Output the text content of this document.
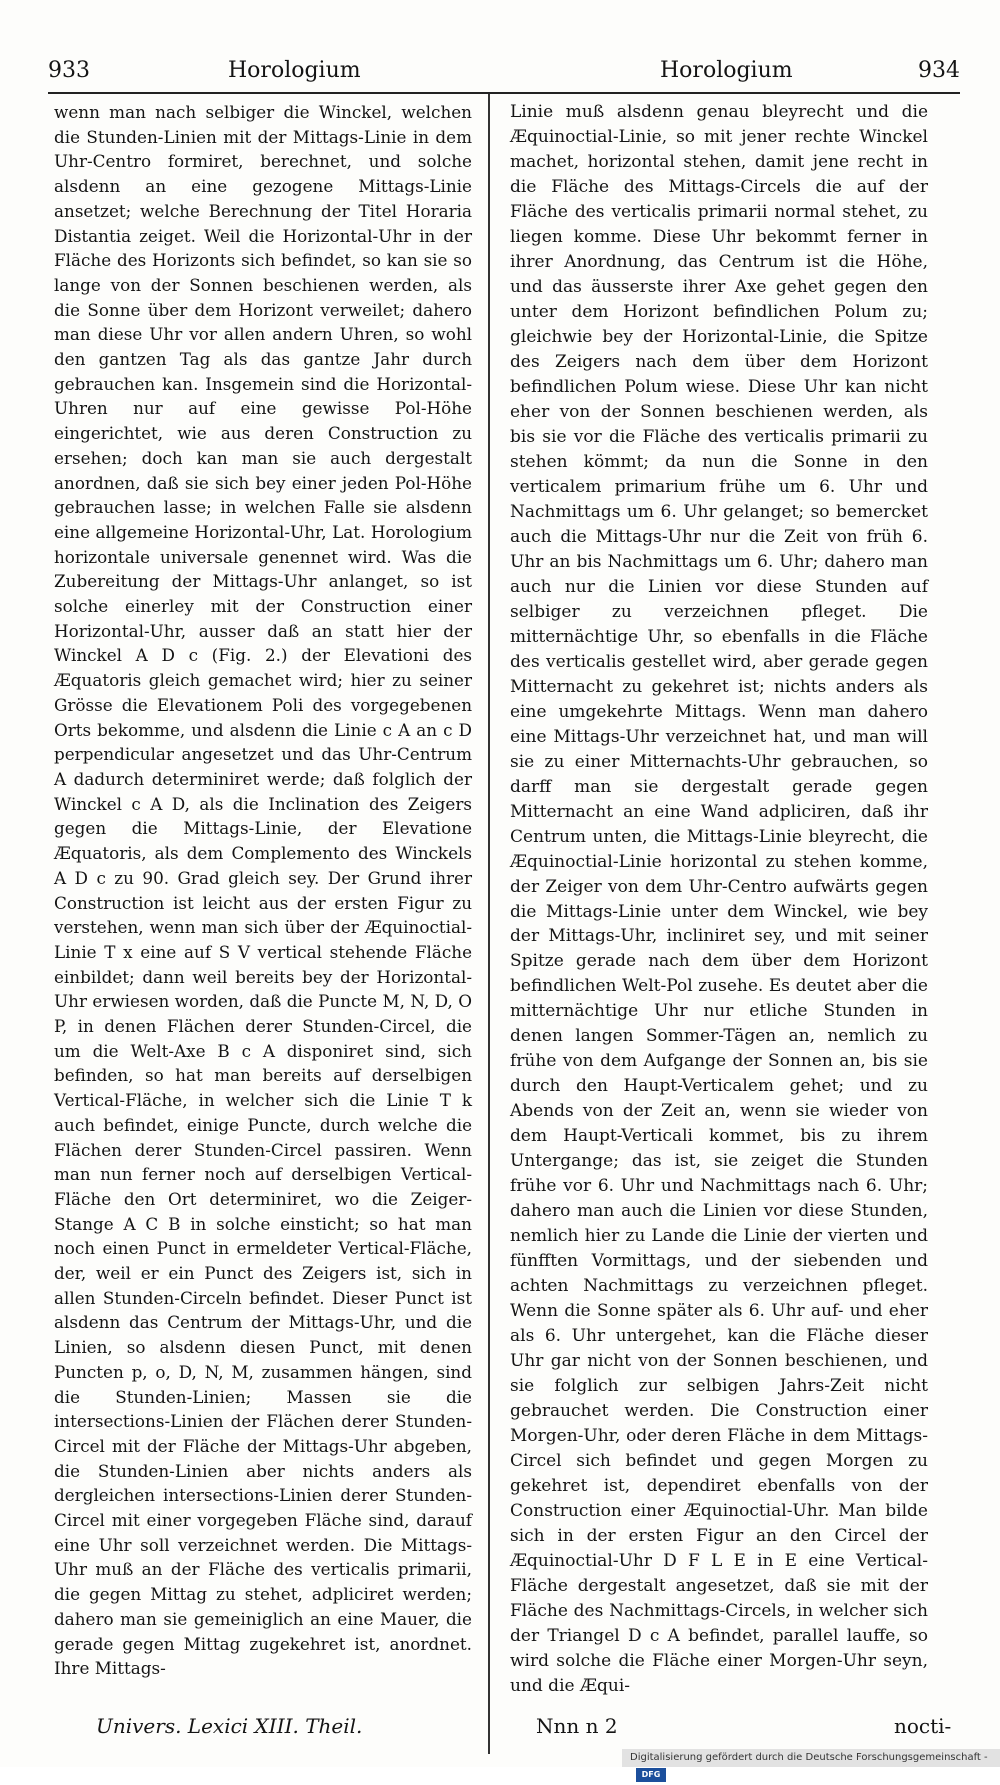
933	Horologium	Horologium	934
wenn man nach selbiger die Winckel, welchen die Stunden-Linien mit der Mittags-Linie in dem Uhr-Centro formiret, berechnet, und solche alsdenn an eine gezogene Mittags-Linie ansetzet; welche Berechnung der Titel Horaria Distantia zeiget. Weil die Horizontal-Uhr in der Fläche des Horizonts sich befindet, so kan sie so lange von der Sonnen beschienen werden, als die Sonne über dem Horizont verweilet; dahero man diese Uhr vor allen andern Uhren, so wohl den gantzen Tag als das gantze Jahr durch gebrauchen kan. Insgemein sind die Horizontal-Uhren nur auf eine gewisse Pol-Höhe eingerichtet, wie aus deren Construction zu ersehen; doch kan man sie auch dergestalt anordnen, daß sie sich bey einer jeden Pol-Höhe gebrauchen lasse; in welchen Falle sie alsdenn eine allgemeine Horizontal-Uhr, Lat. Horologium horizontale universale genennet wird. Was die Zubereitung der Mittags-Uhr anlanget, so ist solche einerley mit der Construction einer Horizontal-Uhr, ausser daß an statt hier der Winckel A D c (Fig. 2.) der Elevationi des Æquatoris gleich gemachet wird; hier zu seiner Grösse die Elevationem Poli des vorgegebenen Orts bekomme, und alsdenn die Linie c A an c D perpendicular angesetzet und das Uhr-Centrum A dadurch determiniret werde; daß folglich der Winckel c A D, als die Inclination des Zeigers gegen die Mittags-Linie, der Elevatione Æquatoris, als dem Complemento des Winckels A D c zu 90. Grad gleich sey. Der Grund ihrer Construction ist leicht aus der ersten Figur zu verstehen, wenn man sich über der Æquinoctial-Linie T x eine auf S V vertical stehende Fläche einbildet; dann weil bereits bey der Horizontal-Uhr erwiesen worden, daß die Puncte M, N, D, O P, in denen Flächen derer Stunden-Circel, die um die Welt-Axe B c A disponiret sind, sich befinden, so hat man bereits auf derselbigen Vertical-Fläche, in welcher sich die Linie T k auch befindet, einige Puncte, durch welche die Flächen derer Stunden-Circel passiren. Wenn man nun ferner noch auf derselbigen Vertical-Fläche den Ort determiniret, wo die Zeiger-Stange A C B in solche einsticht; so hat man noch einen Punct in ermeldeter Vertical-Fläche, der, weil er ein Punct des Zeigers ist, sich in allen Stunden-Circeln befindet. Dieser Punct ist alsdenn das Centrum der Mittags-Uhr, und die Linien, so alsdenn diesen Punct, mit denen Puncten p, o, D, N, M, zusammen hängen, sind die Stunden-Linien; Massen sie die intersections-Linien der Flächen derer Stunden-Circel mit der Fläche der Mittags-Uhr abgeben, die Stunden-Linien aber nichts anders als dergleichen intersections-Linien derer Stunden-Circel mit einer vorgegeben Fläche sind, darauf eine Uhr soll verzeichnet werden. Die Mittags-Uhr muß an der Fläche des verticalis primarii, die gegen Mittag zu stehet, adpliciret werden; dahero man sie gemeiniglich an eine Mauer, die gerade gegen Mittag zugekehret ist, anordnet. Ihre Mittags-
Linie muß alsdenn genau bleyrecht und die Æquinoctial-Linie, so mit jener rechte Winckel machet, horizontal stehen, damit jene recht in die Fläche des Mittags-Circels die auf der Fläche des verticalis primarii normal stehet, zu liegen komme. Diese Uhr bekommt ferner in ihrer Anordnung, das Centrum ist die Höhe, und das äusserste ihrer Axe gehet gegen den unter dem Horizont befindlichen Polum zu; gleichwie bey der Horizontal-Linie, die Spitze des Zeigers nach dem über dem Horizont befindlichen Polum wiese. Diese Uhr kan nicht eher von der Sonnen beschienen werden, als bis sie vor die Fläche des verticalis primarii zu stehen kömmt; da nun die Sonne in den verticalem primarium frühe um 6. Uhr und Nachmittags um 6. Uhr gelanget; so bemercket auch die Mittags-Uhr nur die Zeit von früh 6. Uhr an bis Nachmittags um 6. Uhr; dahero man auch nur die Linien vor diese Stunden auf selbiger zu verzeichnen pfleget. Die mitternächtige Uhr, so ebenfalls in die Fläche des verticalis gestellet wird, aber gerade gegen Mitternacht zu gekehret ist; nichts anders als eine umgekehrte Mittags. Wenn man dahero eine Mittags-Uhr verzeichnet hat, und man will sie zu einer Mitternachts-Uhr gebrauchen, so darff man sie dergestalt gerade gegen Mitternacht an eine Wand adpliciren, daß ihr Centrum unten, die Mittags-Linie bleyrecht, die Æquinoctial-Linie horizontal zu stehen komme, der Zeiger von dem Uhr-Centro aufwärts gegen die Mittags-Linie unter dem Winckel, wie bey der Mittags-Uhr, incliniret sey, und mit seiner Spitze gerade nach dem über dem Horizont befindlichen Welt-Pol zusehe. Es deutet aber die mitternächtige Uhr nur etliche Stunden in denen langen Sommer-Tägen an, nemlich zu frühe von dem Aufgange der Sonnen an, bis sie durch den Haupt-Verticalem gehet; und zu Abends von der Zeit an, wenn sie wieder von dem Haupt-Verticali kommet, bis zu ihrem Untergange; das ist, sie zeiget die Stunden frühe vor 6. Uhr und Nachmittags nach 6. Uhr; dahero man auch die Linien vor diese Stunden, nemlich hier zu Lande die Linie der vierten und fünfften Vormittags, und der siebenden und achten Nachmittags zu verzeichnen pfleget. Wenn die Sonne später als 6. Uhr auf- und eher als 6. Uhr untergehet, kan die Fläche dieser Uhr gar nicht von der Sonnen beschienen, und sie folglich zur selbigen Jahrs-Zeit nicht gebrauchet werden. Die Construction einer Morgen-Uhr, oder deren Fläche in dem Mittags-Circel sich befindet und gegen Morgen zu gekehret ist, dependiret ebenfalls von der Construction einer Æquinoctial-Uhr. Man bilde sich in der ersten Figur an den Circel der Æquinoctial-Uhr D F L E in E eine Vertical-Fläche dergestalt angesetzet, daß sie mit der Fläche des Nachmittags-Circels, in welcher sich der Triangel D c A befindet, parallel lauffe, so wird solche die Fläche einer Morgen-Uhr seyn, und die Æqui-
Univers. Lexici XIII. Theil.	Nnn n 2	nocti-
Digitalisierung gefördert durch die Deutsche Forschungsgemeinschaft - DFG
